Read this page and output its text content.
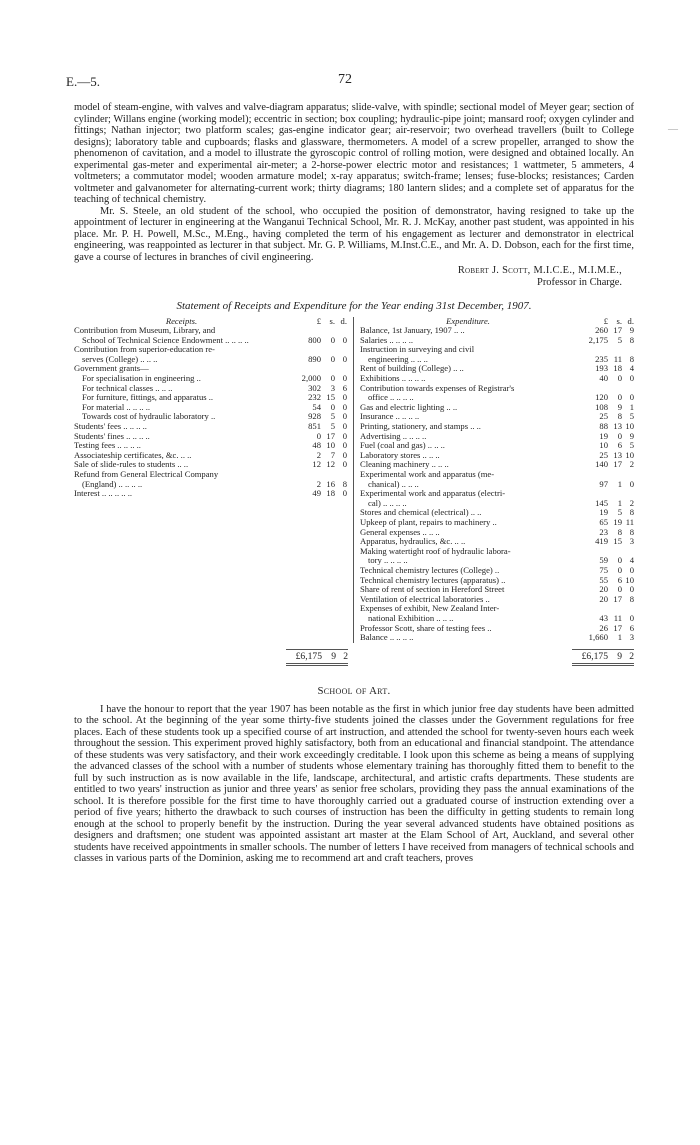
E.—5.	72

model of steam-engine, with valves and valve-diagram apparatus; slide-valve, with spindle; sectional model of Meyer gear; section of cylinder; Willans engine (working model); eccentric in section; box coupling; hydraulic-pipe joint; mansard roof; oxygen cylinder and fittings; Nathan injector; two platform scales; gas-engine indicator gear; air-reservoir; two overhead travellers (built to College designs); laboratory table and cupboards; flasks and glassware, thermometers. A model of a screw propeller, arranged to show the phenomenon of cavitation, and a model to illustrate the gyroscopic control of rolling motion, were designed and obtained locally. An experimental gas-meter and experimental air-meter; a 2-horse-power electric motor and resistances; 1 wattmeter, 5 ammeters, 4 voltmeters; a commutator model; wooden armature model; x-ray apparatus; switch-frame; lenses; fuse-blocks; resistances; Carden voltmeter and galvanometer for alternating-current work; thirty diagrams; 180 lantern slides; and a complete set of apparatus for the teaching of technical chemistry.

Mr. S. Steele, an old student of the school, who occupied the position of demonstrator, having resigned to take up the appointment of lecturer in engineering at the Wanganui Technical School, Mr. R. J. McKay, another past student, was appointed in his place. Mr. P. H. Powell, M.Sc., M.Eng., having completed the term of his engagement as lecturer and demonstrator in electrical engineering, was reappointed as lecturer in that subject. Mr. G. P. Williams, M.Inst.C.E., and Mr. A. D. Dobson, each for the first time, gave a course of lectures in branches of civil engineering.

Robert J. Scott, M.I.C.E., M.I.M.E.,
Professor in Charge.
Statement of Receipts and Expenditure for the Year ending 31st December, 1907.
Receipts.	£ s. d.
Contribution from Museum, Library, and
School of Technical Science Endowment .. .. .. ..	800	0 0
Contribution from superior-education re-
serves (College) .. .. ..	890	0 0
Government grants—
For specialisation in engineering ..	2,000	0 0
For technical classes .. .. ..	302	3 6
For furniture, fittings, and apparatus ..	232 15 0
For material .. .. .. ..	54	0 0
Towards cost of hydraulic laboratory ..	928	5 0
Students' fees .. .. .. ..	851	5 0
Students' fines .. .. .. ..	0 17 0
Testing fees .. .. .. ..	48 10 0
Associateship certificates, &c. .. ..	2	7 0
Sale of slide-rules to students .. ..	12 12 0
Refund from General Electrical Company
(England) .. .. .. ..	2 16 8
Interest .. .. .. .. ..	49 18 0
Expenditure.	£ s. d.
Balance, 1st January, 1907 .. ..	260 17 9
Salaries .. .. .. ..	2,175	5 8
Instruction in surveying and civil
engineering .. .. ..	235 11 8
Rent of building (College) .. ..	193 18 4
Exhibitions .. .. .. ..	40	0 0
Contribution towards expenses of Registrar's
office .. .. .. ..	120	0 0
Gas and electric lighting .. ..	108	9 1
Insurance .. .. .. ..	25	8 5
Printing, stationery, and stamps .. ..	88 13 10
Advertising .. .. .. ..	19	0 9
Fuel (coal and gas) .. .. ..	10	6 5
Laboratory stores .. .. ..	25 13 10
Cleaning machinery .. .. ..	140 17 2
Experimental work and apparatus (me-
chanical) .. .. ..	97	1 0
Experimental work and apparatus (electri-
cal) .. .. .. ..	145	1 2
Stores and chemical (electrical) .. ..	19	5 8
Upkeep of plant, repairs to machinery ..	65 19 11
General expenses .. .. ..	23	8 8
Apparatus, hydraulics, &c. .. ..	419 15 3
Making watertight roof of hydraulic labora-
tory .. .. .. ..	59	0 4
Technical chemistry lectures (College) ..	75	0 0
Technical chemistry lectures (apparatus) ..	55	6 10
Share of rent of section in Hereford Street	20	0 0
Ventilation of electrical laboratories ..	20 17 8
Expenses of exhibit, New Zealand Inter-
national Exhibition .. .. ..	43 11 0
Professor Scott, share of testing fees ..	26 17 6
Balance .. .. .. ..	1,660	1 3
£6,175 9 2	£6,175 9 2
School of Art.

I have the honour to report that the year 1907 has been notable as the first in which junior free day students have been admitted to the school. At the beginning of the year some thirty-five students joined the classes under the Government regulations for free places. Each of these students took up a specified course of art instruction, and attended the school for twenty-seven hours each week throughout the session. This experiment proved highly satisfactory, both from an educational and financial standpoint. The attendance of these students was very satisfactory, and their work exceedingly creditable. I look upon this scheme as being a means of supplying the advanced classes of the school with a number of students whose elementary training has thoroughly fitted them to benefit to the full by such instruction as is now available in the life, landscape, architectural, and artistic crafts departments. These students are entitled to two years' instruction as junior and three years' as senior free scholars, providing they pass the annual examinations of the school. It is therefore possible for the first time to have thoroughly carried out a graduated course of instruction extending over a period of five years; hitherto the drawback to such courses of instruction has been the difficulty in getting students to remain long enough at the school to properly benefit by the instruction. During the year several advanced students have obtained positions as designers and draftsmen; one student was appointed assistant art master at the Elam School of Art, Auckland, and several other students have received appointments in smaller schools. The number of letters I have received from managers of technical schools and classes in various parts of the Dominion, asking me to recommend art and craft teachers, proves

—
